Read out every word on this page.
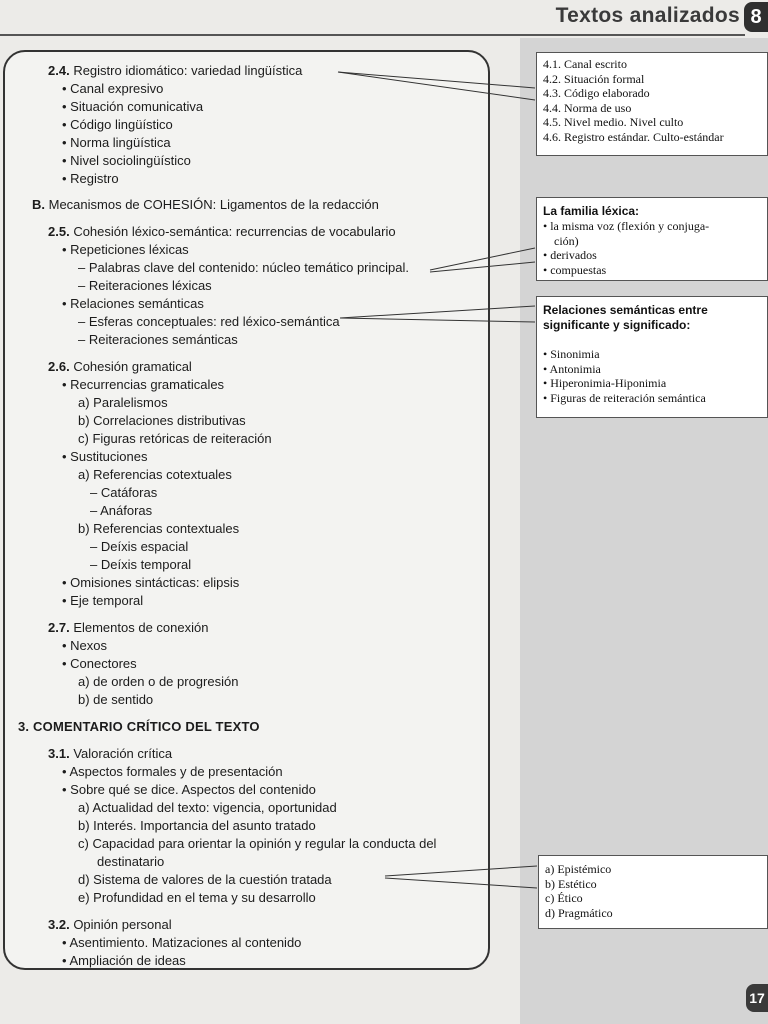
Textos analizados 8
2.4. Registro idiomático: variedad lingüística
• Canal expresivo
• Situación comunicativa
• Código lingüístico
• Norma lingüística
• Nivel sociolingüístico
• Registro
B. Mecanismos de COHESIÓN: Ligamentos de la redacción
2.5. Cohesión léxico-semántica: recurrencias de vocabulario
• Repeticiones léxicas
– Palabras clave del contenido: núcleo temático principal.
– Reiteraciones léxicas
• Relaciones semánticas
– Esferas conceptuales: red léxico-semántica
– Reiteraciones semánticas
2.6. Cohesión gramatical
• Recurrencias gramaticales
a) Paralelismos
b) Correlaciones distributivas
c) Figuras retóricas de reiteración
• Sustituciones
a) Referencias cotextuales
– Catáforas
– Anáforas
b) Referencias contextuales
– Deíxis espacial
– Deíxis temporal
• Omisiones sintácticas: elipsis
• Eje temporal
2.7. Elementos de conexión
• Nexos
• Conectores
a) de orden o de progresión
b) de sentido
3. COMENTARIO CRÍTICO DEL TEXTO
3.1. Valoración crítica
• Aspectos formales y de presentación
• Sobre qué se dice. Aspectos del contenido
a) Actualidad del texto: vigencia, oportunidad
b) Interés. Importancia del asunto tratado
c) Capacidad para orientar la opinión y regular la conducta del
destinatario
d) Sistema de valores de la cuestión tratada
e) Profundidad en el tema y su desarrollo
3.2. Opinión personal
• Asentimiento. Matizaciones al contenido
• Ampliación de ideas
4.1. Canal escrito
4.2. Situación formal
4.3. Código elaborado
4.4. Norma de uso
4.5. Nivel medio. Nivel culto
4.6. Registro estándar. Culto-estándar
La familia léxica:
• la misma voz (flexión y conjuga-
ción)
• derivados
• compuestas
Relaciones semánticas entre
significante y significado:
• Sinonimia
• Antonimia
• Hiperonimia-Hiponimia
• Figuras de reiteración semántica
a) Epistémico
b) Estético
c) Ético
d) Pragmático
17
